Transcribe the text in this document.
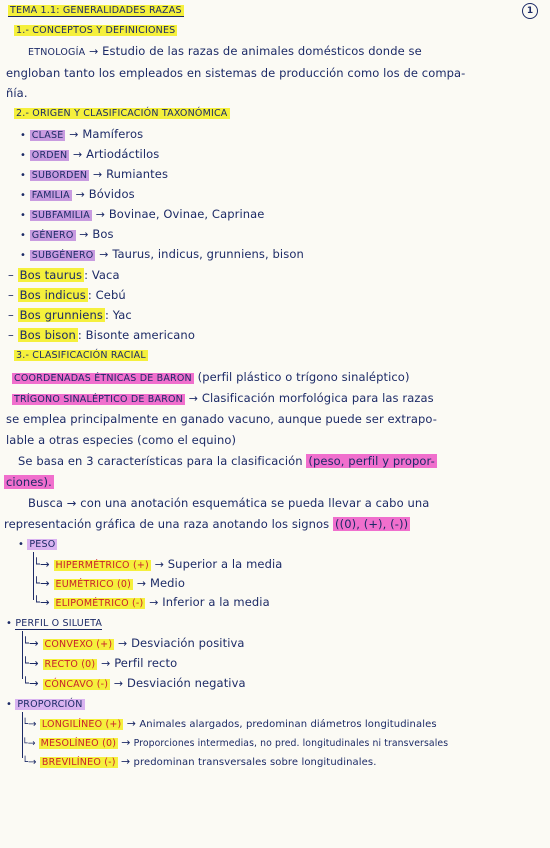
TEMA 1.1: GENERALIDADES RAZAS	1
1.- CONCEPTOS Y DEFINICIONES
ETNOLOGÍA → Estudio de las razas de animales domésticos donde se
engloban tanto los empleados en sistemas de producción como los de compa-
ñía.
2.- ORIGEN Y CLASIFICACIÓN TAXONÓMICA
• CLASE → Mamíferos
• ORDEN → Artiodáctilos
• SUBORDEN → Rumiantes
• FAMILIA → Bóvidos
• SUBFAMILIA → Bovinae, Ovinae, Caprinae
• GÉNERO → Bos
• SUBGÉNERO → Taurus, indicus, grunniens, bison
– Bos taurus : Vaca
– Bos indicus : Cebú
– Bos grunniens : Yac
– Bos bison : Bisonte americano
3.- CLASIFICACIÓN RACIAL
COORDENADAS ÉTNICAS DE BARON (perfil plástico o trígono sinaléptico)
TRÍGONO SINALÉPTICO DE BARON → Clasificación morfológica para las razas
se emplea principalmente en ganado vacuno, aunque puede ser extrapo-
lable a otras especies (como el equino)
Se basa en 3 características para la clasificación (peso, perfil y propor-
ciones).
Busca → con una anotación esquemática se pueda llevar a cabo una
representación gráfica de una raza anotando los signos ((0), (+), (-))
• PESO
└→ HIPERMÉTRICO (+) → Superior a la media
└→ EUMÉTRICO (0) → Medio
└→ ELIPOMÉTRICO (-) → Inferior a la media
• PERFIL O SILUETA
└→ CONVEXO (+) → Desviación positiva
└→ RECTO (0) → Perfil recto
└→ CÓNCAVO (-) → Desviación negativa
• PROPORCIÓN
└→ LONGILÍNEO (+) → Animales alargados, predominan diámetros longitudinales
└→ MESOLÍNEO (0) → Proporciones intermedias, no pred. longitudinales ni transversales
└→ BREVILÍNEO (-) → predominan transversales sobre longitudinales.
